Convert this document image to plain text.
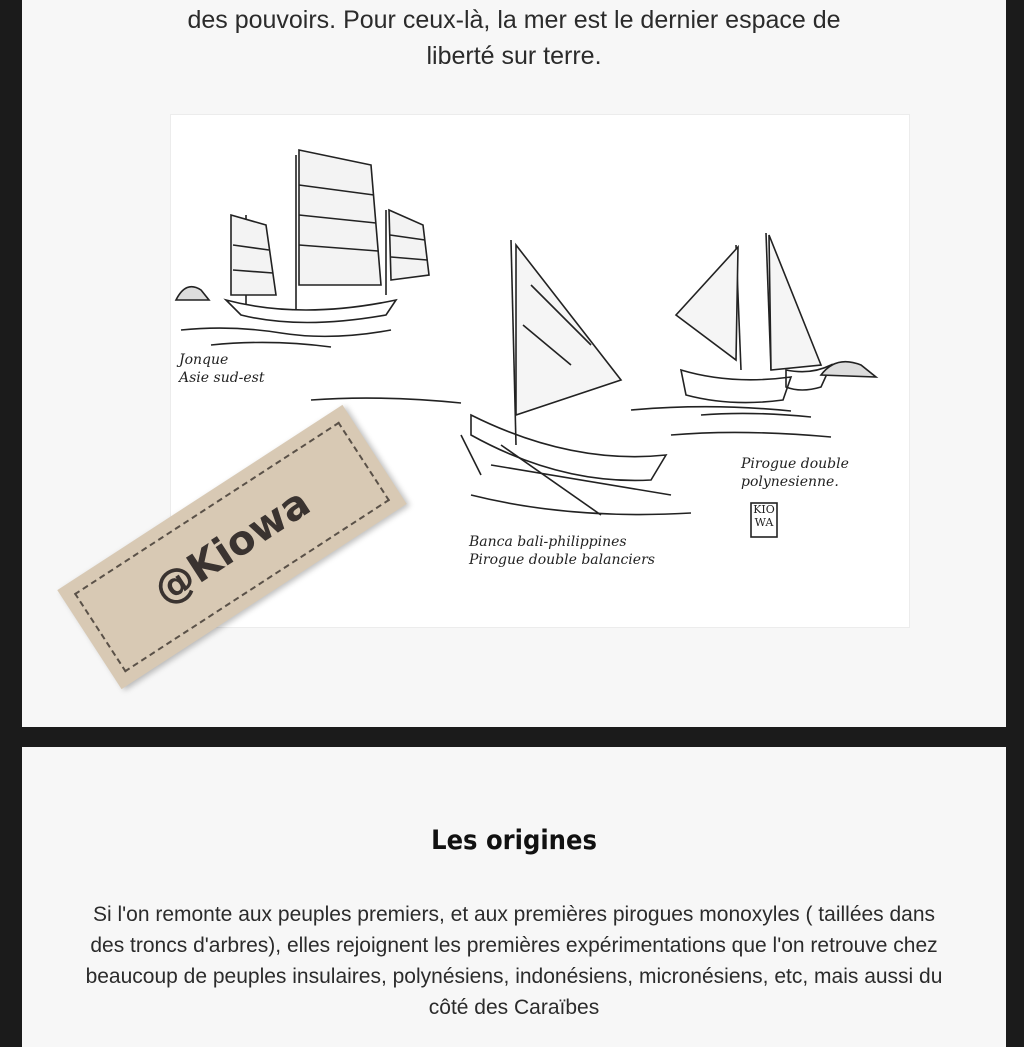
des pouvoirs. Pour ceux-là, la mer est le dernier espace de
liberté sur terre.

Jonque
Asie sud-est
Banca bali-philippines
Pirogue double balanciers
Pirogue double polynesienne.
KIO WA
@Kiowa
Les origines

Si l'on remonte aux peuples premiers, et aux premières pirogues monoxyles ( taillées dans des troncs d'arbres), elles rejoignent les premières expérimentations que l'on retrouve chez beaucoup de peuples insulaires, polynésiens, indonésiens, micronésiens, etc, mais aussi du côté des Caraïbes
